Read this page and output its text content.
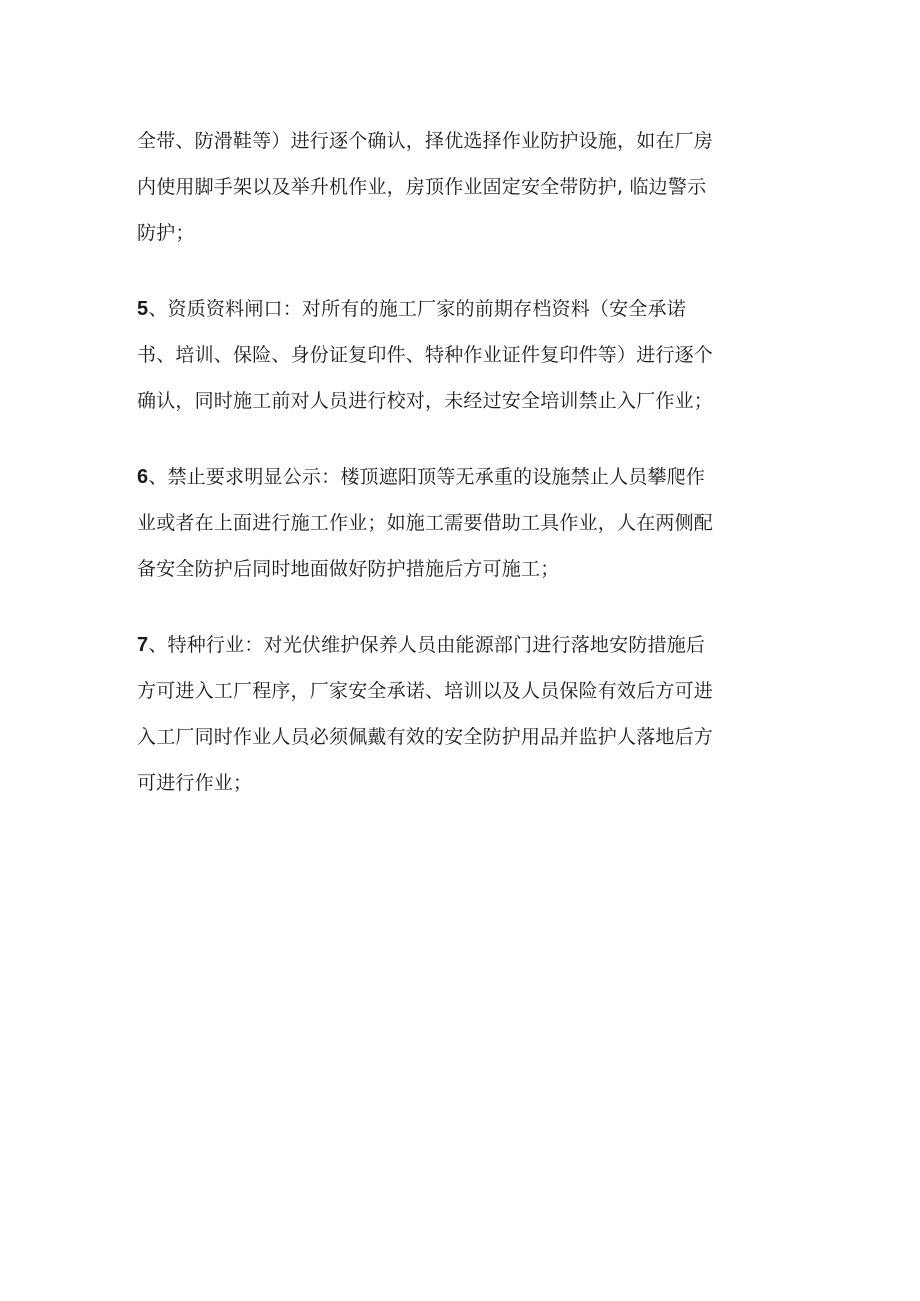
全带、防滑鞋等）进行逐个确认，择优选择作业防护设施，如在厂房
内使用脚手架以及举升机作业，房顶作业固定安全带防护, 临边警示
防护；
5、资质资料闸口：对所有的施工厂家的前期存档资料（安全承诺
书、培训、保险、身份证复印件、特种作业证件复印件等）进行逐个
确认，同时施工前对人员进行校对，未经过安全培训禁止入厂作业；
6、禁止要求明显公示：楼顶遮阳顶等无承重的设施禁止人员攀爬作
业或者在上面进行施工作业；如施工需要借助工具作业，人在两侧配
备安全防护后同时地面做好防护措施后方可施工；
7、特种行业：对光伏维护保养人员由能源部门进行落地安防措施后
方可进入工厂程序，厂家安全承诺、培训以及人员保险有效后方可进
入工厂同时作业人员必须佩戴有效的安全防护用品并监护人落地后方
可进行作业；
